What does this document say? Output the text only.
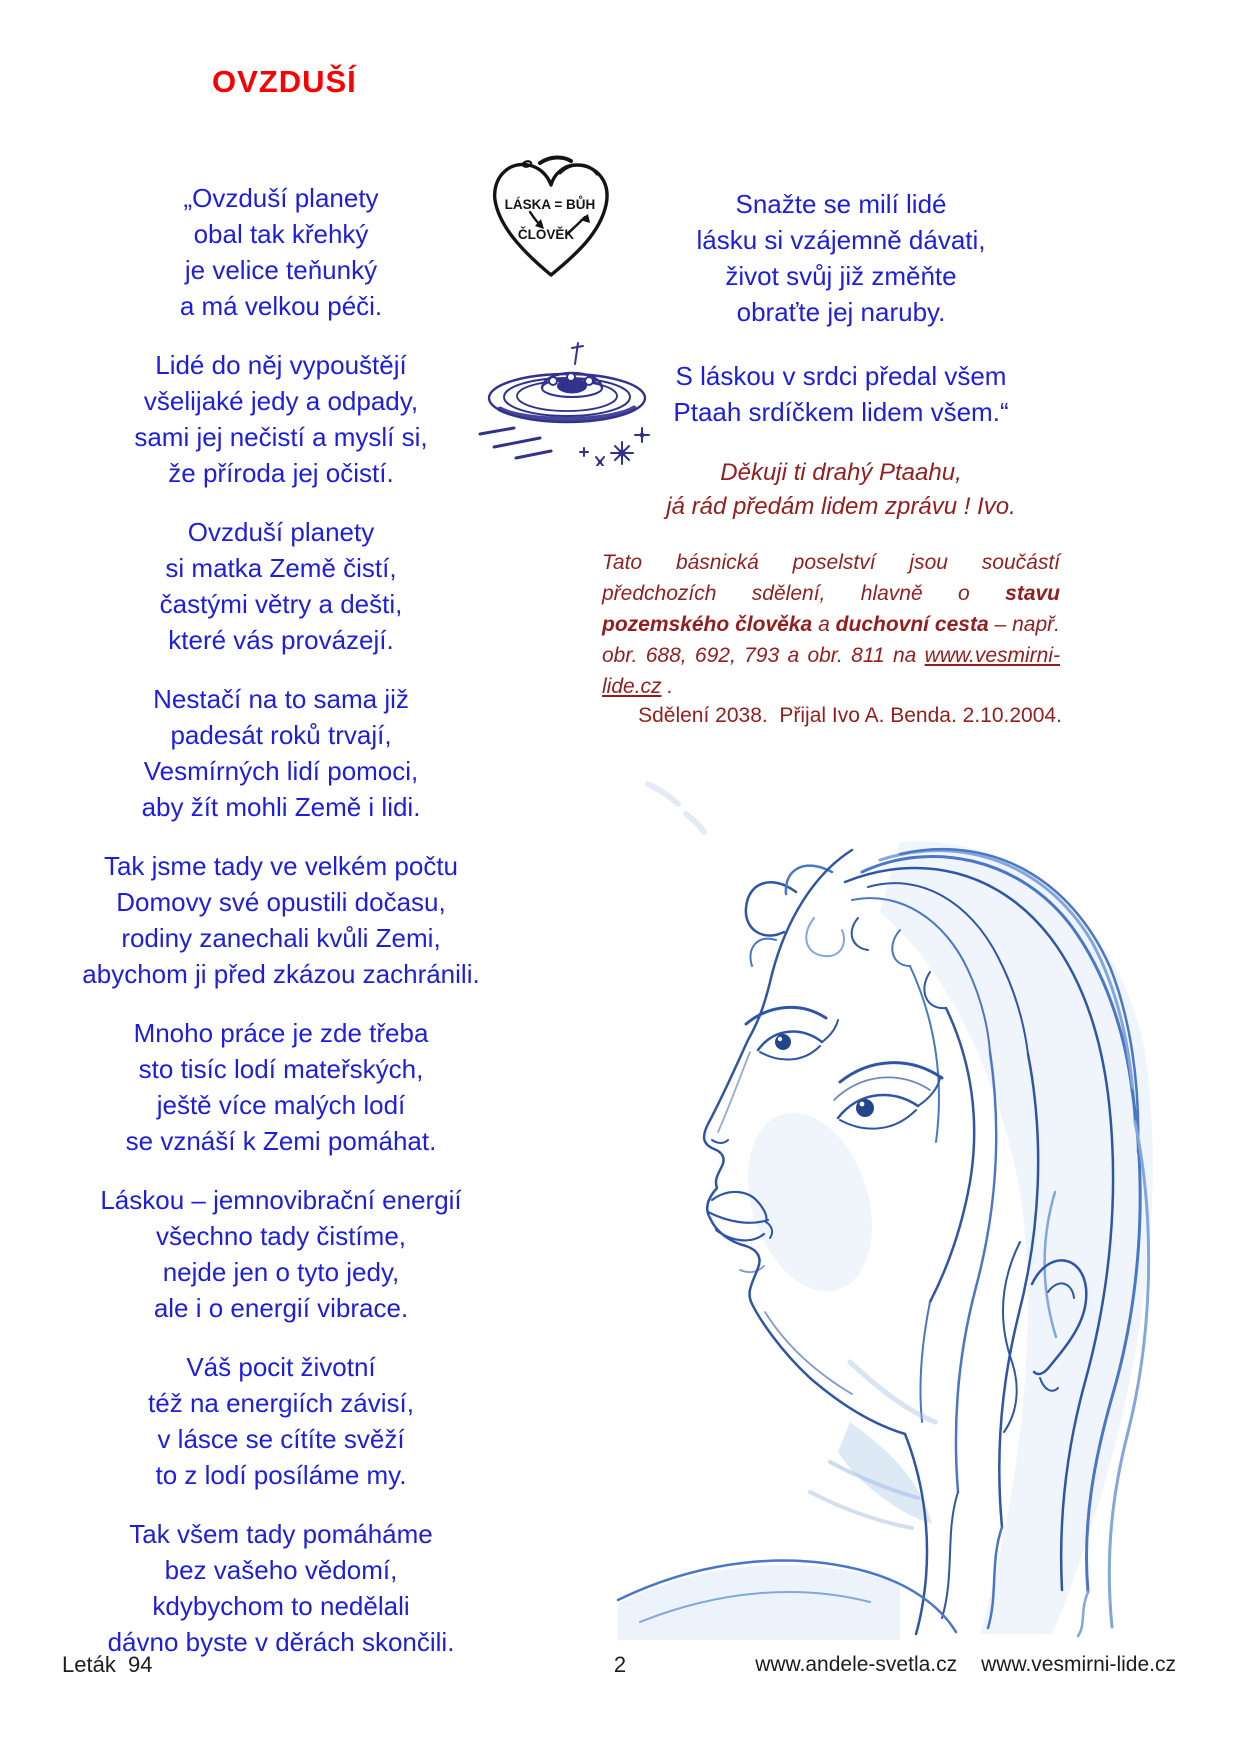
OVZDUŠÍ
„Ovzduší planety
obal tak křehký
je velice teňunký
a má velkou péči.
Lidé do něj vypouštějí
všelijaké jedy a odpady,
sami jej nečistí a myslí si,
že příroda jej očistí.
Ovzduší planety
si matka Země čistí,
častými větry a dešti,
které vás provázejí.
Nestačí na to sama již
padesát roků trvají,
Vesmírných lidí pomoci,
aby žít mohli Země i lidi.
Tak jsme tady ve velkém počtu
Domovy své opustili dočasu,
rodiny zanechali kvůli Zemi,
abychom ji před zkázou zachránili.
Mnoho práce je zde třeba
sto tisíc lodí mateřských,
ještě více malých lodí
se vznáší k Zemi pomáhat.
Láskou – jemnovibrační energií
všechno tady čistíme,
nejde jen o tyto jedy,
ale i o energií vibrace.
Váš pocit životní
též na energiích závisí,
v lásce se cítíte svěží
to z lodí posíláme my.
Tak všem tady pomáháme
bez vašeho vědomí,
kdybychom to nedělali
dávno byste v děrách skončili.
LÁSKA = BŮH
ČLOVĚK
Snažte se milí lidé
lásku si vzájemně dávati,
život svůj již změňte
obraťte jej naruby.
S láskou v srdci předal všem
Ptaah srdíčkem lidem všem.“
Děkuji ti drahý Ptaahu,
já rád předám lidem zprávu ! Ivo.

Tato básnická poselství jsou součástí předchozích sdělení, hlavně o stavu pozemského člověka a duchovní cesta – např. obr. 688, 692, 793 a obr. 811 na www.vesmirni-lide.cz .

Sdělení 2038.  Přijal Ivo A. Benda. 2.10.2004.
Leták  94	2	www.andele-svetla.cz www.vesmirni-lide.cz
